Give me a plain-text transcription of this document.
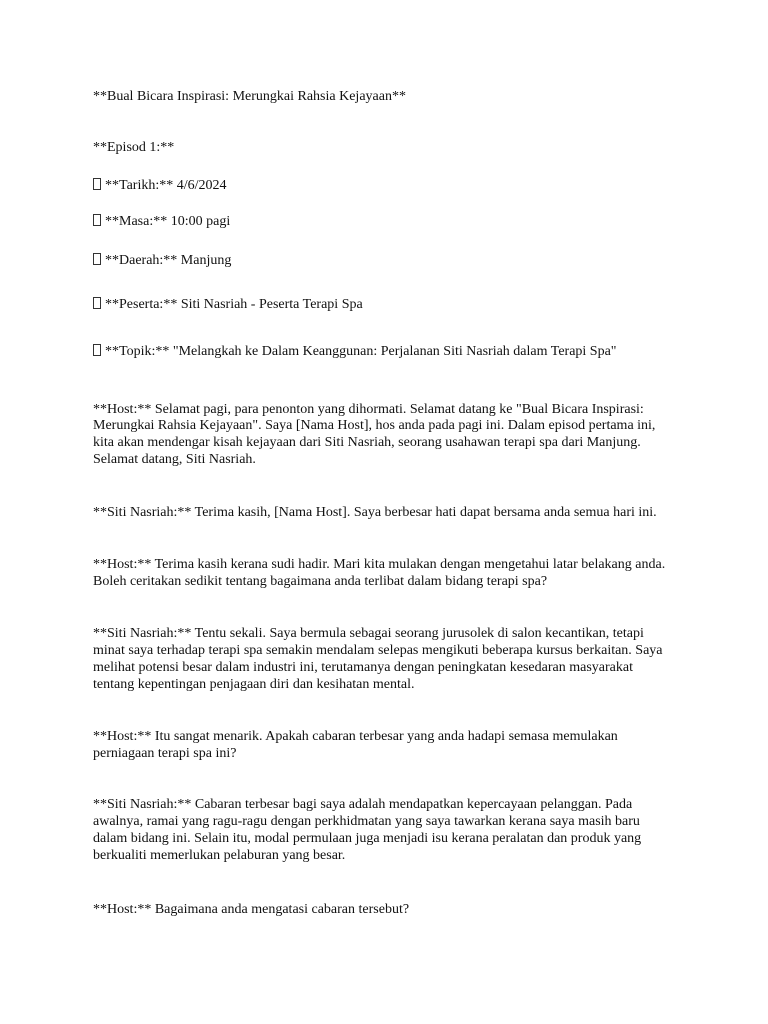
**Bual Bicara Inspirasi: Merungkai Rahsia Kejayaan**

**Episod 1:**

**Tarikh:** 4/6/2024

**Masa:** 10:00 pagi

**Daerah:** Manjung

**Peserta:** Siti Nasriah - Peserta Terapi Spa

**Topik:** "Melangkah ke Dalam Keanggunan: Perjalanan Siti Nasriah dalam Terapi Spa"

**Host:** Selamat pagi, para penonton yang dihormati. Selamat datang ke "Bual Bicara Inspirasi:

Merungkai Rahsia Kejayaan". Saya [Nama Host], hos anda pada pagi ini. Dalam episod pertama ini,

kita akan mendengar kisah kejayaan dari Siti Nasriah, seorang usahawan terapi spa dari Manjung.

Selamat datang, Siti Nasriah.

**Siti Nasriah:** Terima kasih, [Nama Host]. Saya berbesar hati dapat bersama anda semua hari ini.

**Host:** Terima kasih kerana sudi hadir. Mari kita mulakan dengan mengetahui latar belakang anda.

Boleh ceritakan sedikit tentang bagaimana anda terlibat dalam bidang terapi spa?

**Siti Nasriah:** Tentu sekali. Saya bermula sebagai seorang jurusolek di salon kecantikan, tetapi

minat saya terhadap terapi spa semakin mendalam selepas mengikuti beberapa kursus berkaitan. Saya

melihat potensi besar dalam industri ini, terutamanya dengan peningkatan kesedaran masyarakat

tentang kepentingan penjagaan diri dan kesihatan mental.

**Host:** Itu sangat menarik. Apakah cabaran terbesar yang anda hadapi semasa memulakan

perniagaan terapi spa ini?

**Siti Nasriah:** Cabaran terbesar bagi saya adalah mendapatkan kepercayaan pelanggan. Pada

awalnya, ramai yang ragu-ragu dengan perkhidmatan yang saya tawarkan kerana saya masih baru

dalam bidang ini. Selain itu, modal permulaan juga menjadi isu kerana peralatan dan produk yang

berkualiti memerlukan pelaburan yang besar.

**Host:** Bagaimana anda mengatasi cabaran tersebut?
